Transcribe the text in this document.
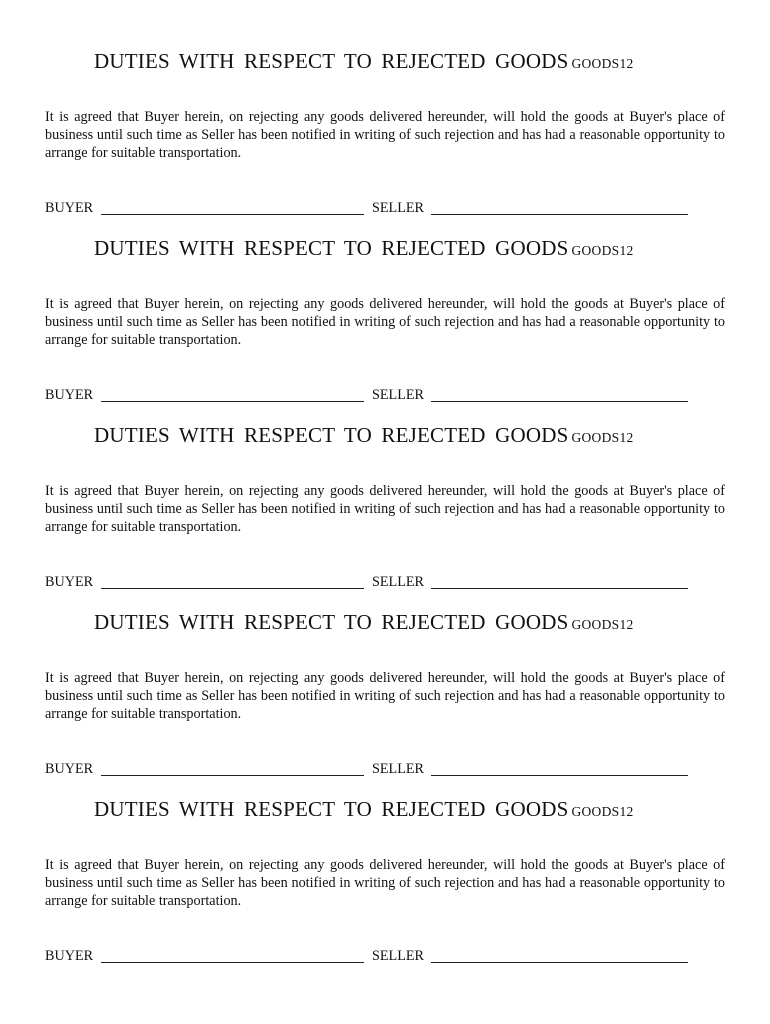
DUTIES WITH RESPECT TO REJECTED GOODS GOODS12

It is agreed that Buyer herein, on rejecting any goods delivered hereunder, will hold the goods at Buyer's place of business until such time as Seller has been notified in writing of such rejection and has had a reasonable opportunity to arrange for suitable transportation.

BUYER	SELLER
DUTIES WITH RESPECT TO REJECTED GOODS GOODS12

It is agreed that Buyer herein, on rejecting any goods delivered hereunder, will hold the goods at Buyer's place of business until such time as Seller has been notified in writing of such rejection and has had a reasonable opportunity to arrange for suitable transportation.

BUYER	SELLER
DUTIES WITH RESPECT TO REJECTED GOODS GOODS12

It is agreed that Buyer herein, on rejecting any goods delivered hereunder, will hold the goods at Buyer's place of business until such time as Seller has been notified in writing of such rejection and has had a reasonable opportunity to arrange for suitable transportation.

BUYER	SELLER
DUTIES WITH RESPECT TO REJECTED GOODS GOODS12

It is agreed that Buyer herein, on rejecting any goods delivered hereunder, will hold the goods at Buyer's place of business until such time as Seller has been notified in writing of such rejection and has had a reasonable opportunity to arrange for suitable transportation.

BUYER	SELLER
DUTIES WITH RESPECT TO REJECTED GOODS GOODS12

It is agreed that Buyer herein, on rejecting any goods delivered hereunder, will hold the goods at Buyer's place of business until such time as Seller has been notified in writing of such rejection and has had a reasonable opportunity to arrange for suitable transportation.

BUYER	SELLER
